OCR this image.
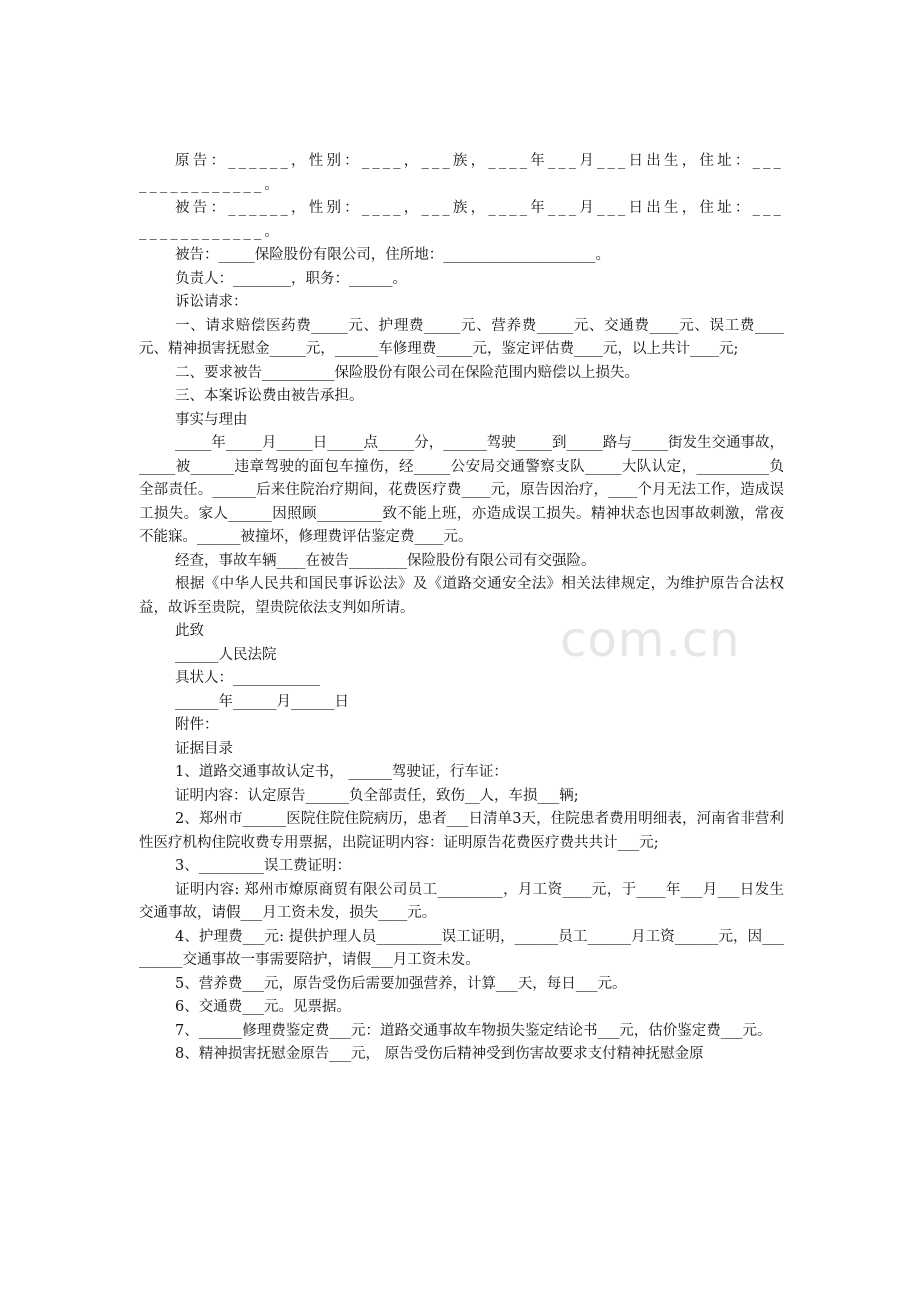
com.cn

原告：______，性别：____，___族，____年___月___日出生，住址：_______________。

被告：______，性别：____，___族，____年___月___日出生，住址：_______________。

被告：_____保险股份有限公司，住所地：_____________________。

负责人：________，职务：______。

诉讼请求：

一、请求赔偿医药费_____元、护理费_____元、营养费_____元、交通费____元、误工费____元、精神损害抚慰金_____元，______车修理费_____元，鉴定评估费____元，以上共计____元;

二、要求被告__________保险股份有限公司在保险范围内赔偿以上损失。

三、本案诉讼费由被告承担。

事实与理由

_____年_____月_____日_____点_____分，______驾驶_____到_____路与_____街发生交通事故，_____被______违章驾驶的面包车撞伤，经_____公安局交通警察支队_____大队认定，__________负全部责任。______后来住院治疗期间，花费医疗费____元，原告因治疗，____个月无法工作，造成误工损失。家人______因照顾_________致不能上班，亦造成误工损失。精神状态也因事故刺激，常夜不能寐。______被撞坏，修理费评估鉴定费____元。

经查，事故车辆____在被告________保险股份有限公司有交强险。

根据《中华人民共和国民事诉讼法》及《道路交通安全法》相关法律规定，为维护原告合法权益，故诉至贵院，望贵院依法支判如所请。

此致

______人民法院

具状人：____________

______年______月______日

附件：

证据目录

1、道路交通事故认定书， ______驾驶证，行车证：

证明内容：认定原告______负全部责任，致伤__人，车损___辆;

2、郑州市______医院住院住院病历，患者___日清单3天，住院患者费用明细表，河南省非营利性医疗机构住院收费专用票据，出院证明内容：证明原告花费医疗费共共计___元;

3、_________误工费证明：

证明内容: 郑州市燎原商贸有限公司员工_________，月工资____元，于____年___月___日发生交通事故，请假___月工资未发，损失____元。

4、护理费___元: 提供护理人员_________误工证明，______员工______月工资______元，因_________交通事故一事需要陪护，请假___月工资未发。

5、营养费___元，原告受伤后需要加强营养，计算___天，每日___元。

6、交通费___元。见票据。

7、______修理费鉴定费___元：道路交通事故车物损失鉴定结论书___元，估价鉴定费___元。

8、精神损害抚慰金原告___元， 原告受伤后精神受到伤害故要求支付精神抚慰金原
